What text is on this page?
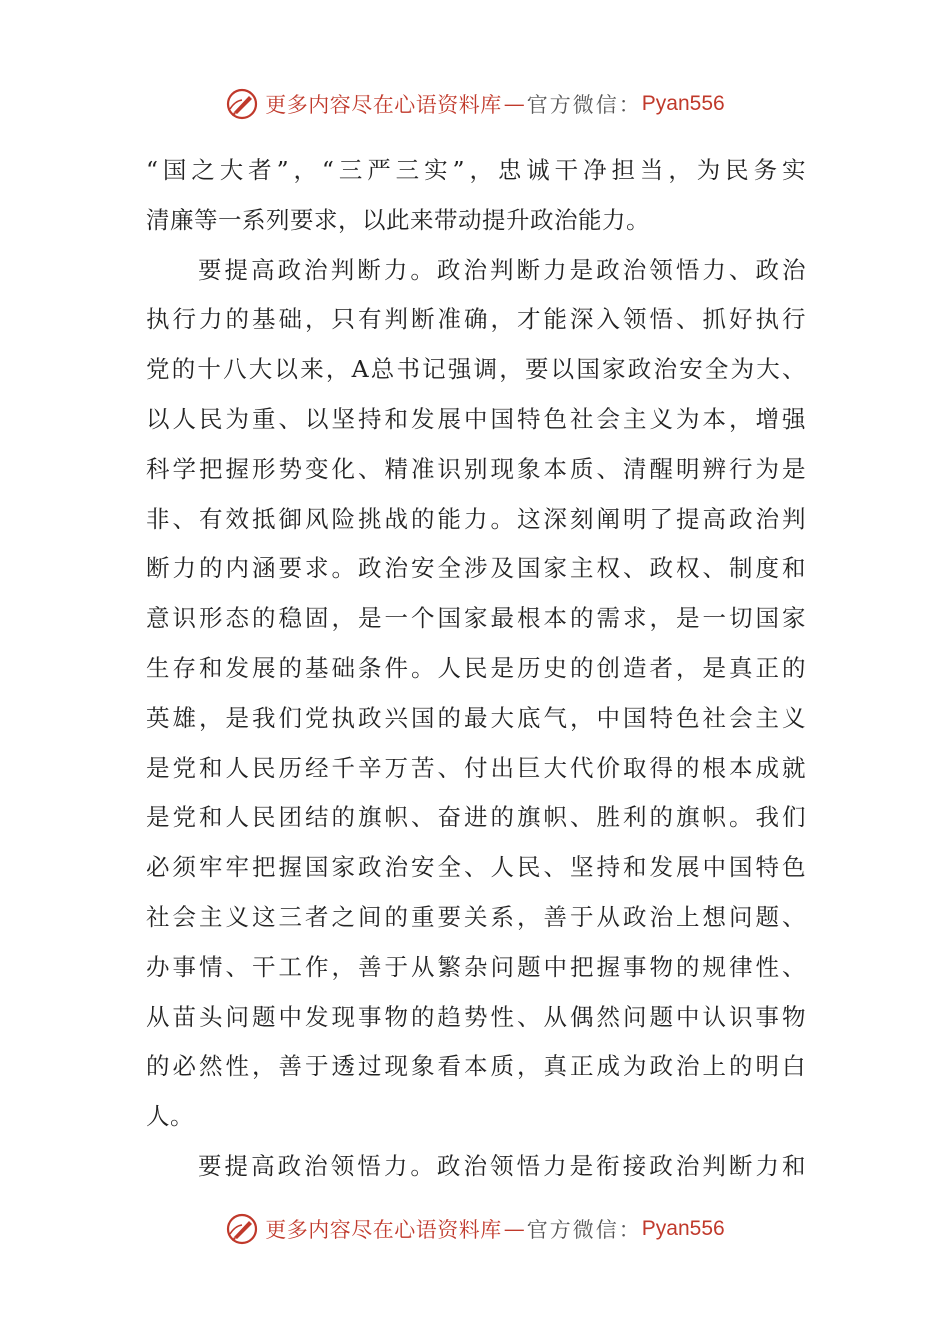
更多内容尽在心语资料库 — 官方微信： Pyan556
“国之大者”，“三严三实”，忠诚干净担当，为民务实
清廉等一系列要求，以此来带动提升政治能力。
要提高政治判断力。政治判断力是政治领悟力、政治
执行力的基础，只有判断准确，才能深入领悟、抓好执行
党的十八大以来，A总书记强调，要以国家政治安全为大、
以人民为重、以坚持和发展中国特色社会主义为本，增强
科学把握形势变化、精准识别现象本质、清醒明辨行为是
非、有效抵御风险挑战的能力。这深刻阐明了提高政治判
断力的内涵要求。政治安全涉及国家主权、政权、制度和
意识形态的稳固，是一个国家最根本的需求，是一切国家
生存和发展的基础条件。人民是历史的创造者，是真正的
英雄，是我们党执政兴国的最大底气，中国特色社会主义
是党和人民历经千辛万苦、付出巨大代价取得的根本成就
是党和人民团结的旗帜、奋进的旗帜、胜利的旗帜。我们
必须牢牢把握国家政治安全、人民、坚持和发展中国特色
社会主义这三者之间的重要关系，善于从政治上想问题、
办事情、干工作，善于从繁杂问题中把握事物的规律性、
从苗头问题中发现事物的趋势性、从偶然问题中认识事物
的必然性，善于透过现象看本质，真正成为政治上的明白
人。
要提高政治领悟力。政治领悟力是衔接政治判断力和
更多内容尽在心语资料库 — 官方微信： Pyan556
